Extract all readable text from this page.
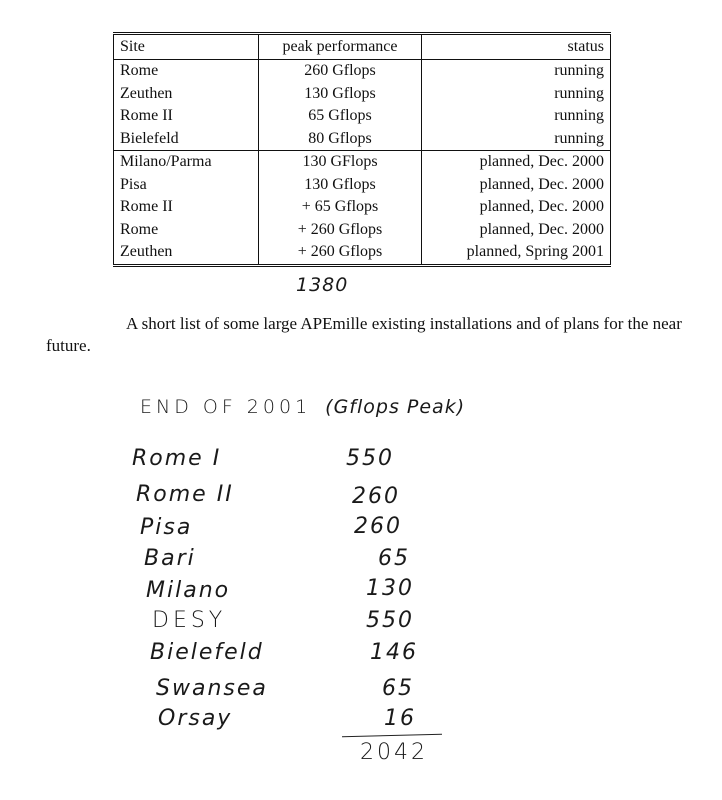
Site	peak performance	status
Rome	260 Gflops	running
Zeuthen	130 Gflops	running
Rome II	65 Gflops	running
Bielefeld	80 Gflops	running
Milano/Parma	130 GFlops	planned, Dec. 2000
Pisa	130 Gflops	planned, Dec. 2000
Rome II	+ 65 Gflops	planned, Dec. 2000
Rome	+ 260 Gflops	planned, Dec. 2000
Zeuthen	+ 260 Gflops	planned, Spring 2001
1380

A short list of some large APEmille existing installations and of plans for the near future.

END OF 2001 (Gflops Peak)
Rome I	550
Rome II	260
Pisa	260
Bari	65
Milano	130
DESY	550
Bielefeld	146
Swansea	65
Orsay	16
2042
